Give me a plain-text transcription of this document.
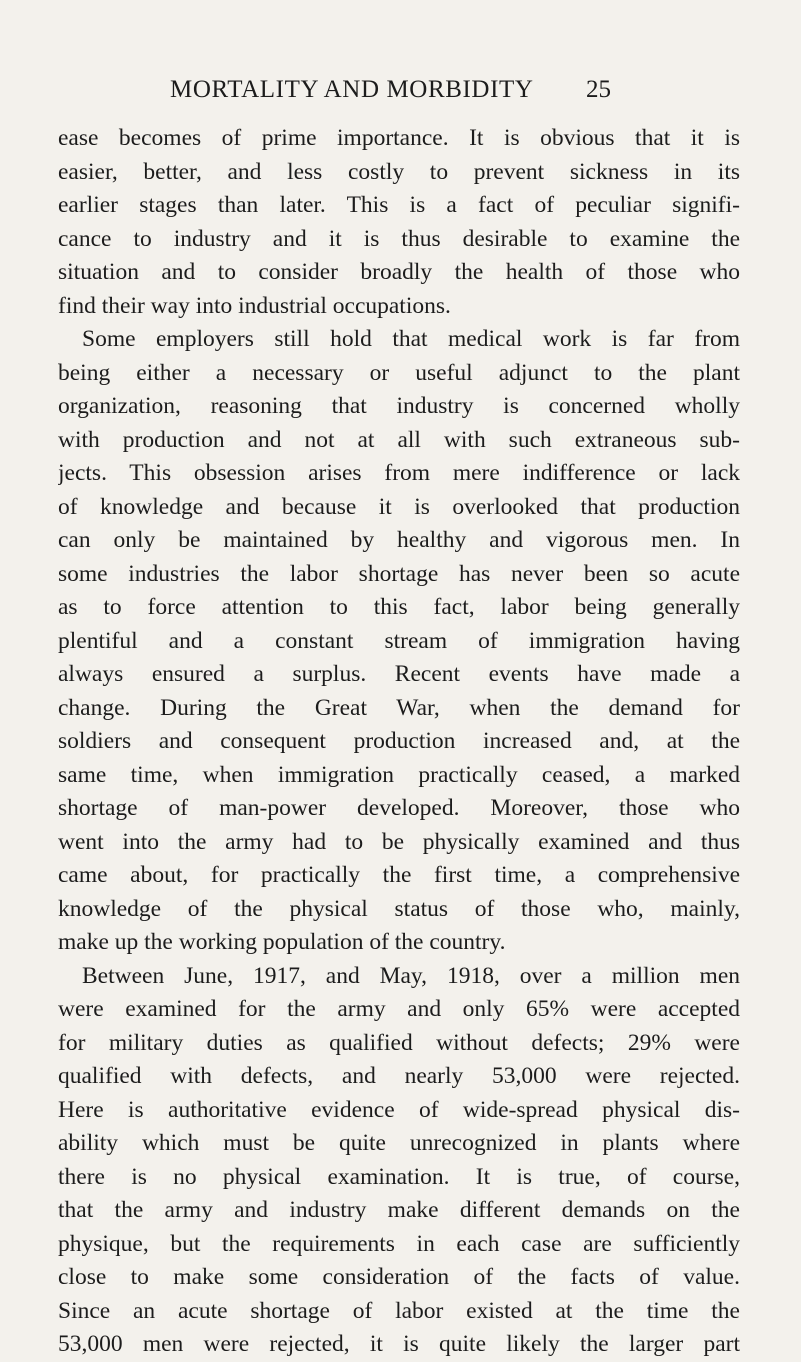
MORTALITY AND MORBIDITY 25
ease becomes of prime importance. It is obvious that it is
easier, better, and less costly to prevent sickness in its
earlier stages than later. This is a fact of peculiar signifi-
cance to industry and it is thus desirable to examine the
situation and to consider broadly the health of those who
find their way into industrial occupations.
Some employers still hold that medical work is far from
being either a necessary or useful adjunct to the plant
organization, reasoning that industry is concerned wholly
with production and not at all with such extraneous sub-
jects. This obsession arises from mere indifference or lack
of knowledge and because it is overlooked that production
can only be maintained by healthy and vigorous men. In
some industries the labor shortage has never been so acute
as to force attention to this fact, labor being generally
plentiful and a constant stream of immigration having
always ensured a surplus. Recent events have made a
change. During the Great War, when the demand for
soldiers and consequent production increased and, at the
same time, when immigration practically ceased, a marked
shortage of man-power developed. Moreover, those who
went into the army had to be physically examined and thus
came about, for practically the first time, a comprehensive
knowledge of the physical status of those who, mainly,
make up the working population of the country.
Between June, 1917, and May, 1918, over a million men
were examined for the army and only 65% were accepted
for military duties as qualified without defects; 29% were
qualified with defects, and nearly 53,000 were rejected.
Here is authoritative evidence of wide-spread physical dis-
ability which must be quite unrecognized in plants where
there is no physical examination. It is true, of course,
that the army and industry make different demands on the
physique, but the requirements in each case are sufficiently
close to make some consideration of the facts of value.
Since an acute shortage of labor existed at the time the
53,000 men were rejected, it is quite likely the larger part
